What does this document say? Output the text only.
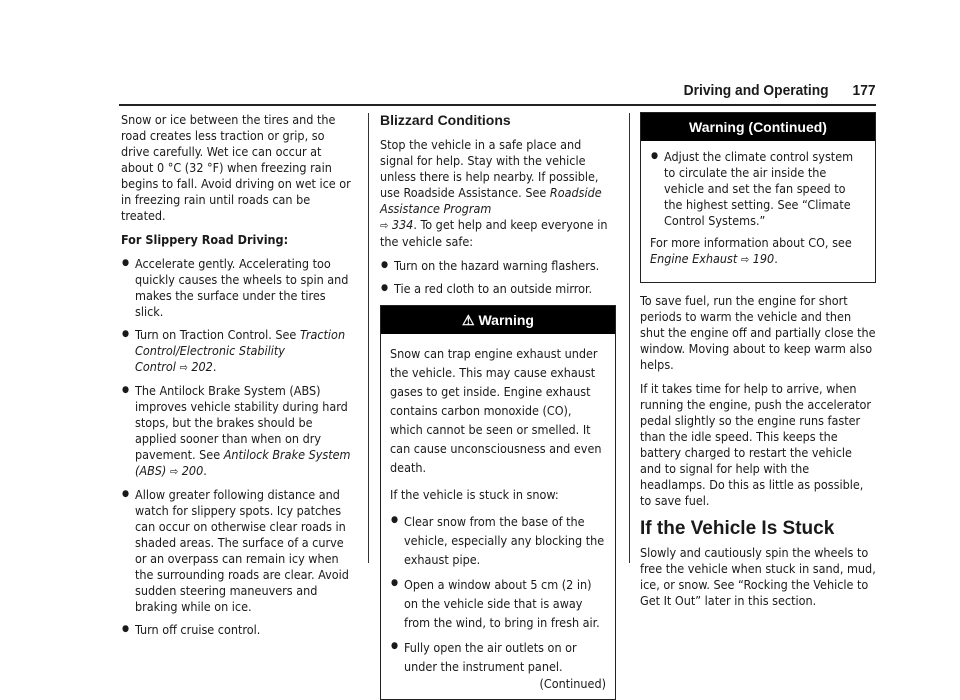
Driving and Operating 177

Snow or ice between the tires and the road creates less traction or grip, so drive carefully. Wet ice can occur at about 0 °C (32 °F) when freezing rain begins to fall. Avoid driving on wet ice or in freezing rain until roads can be treated.

For Slippery Road Driving:

● Accelerate gently. Accelerating too quickly causes the wheels to spin and makes the surface under the tires slick.
● Turn on Traction Control. See Traction Control/Electronic Stability Control ⇨ 202.
● The Antilock Brake System (ABS) improves vehicle stability during hard stops, but the brakes should be applied sooner than when on dry pavement. See Antilock Brake System (ABS) ⇨ 200.
● Allow greater following distance and watch for slippery spots. Icy patches can occur on otherwise clear roads in shaded areas. The surface of a curve or an overpass can remain icy when the surrounding roads are clear. Avoid sudden steering maneuvers and braking while on ice.
● Turn off cruise control.
Blizzard Conditions

Stop the vehicle in a safe place and signal for help. Stay with the vehicle unless there is help nearby. If possible, use Roadside Assistance. See Roadside Assistance Program
⇨ 334. To get help and keep everyone in the vehicle safe:

● Turn on the hazard warning flashers.
● Tie a red cloth to an outside mirror.
⚠ Warning

Snow can trap engine exhaust under the vehicle. This may cause exhaust gases to get inside. Engine exhaust contains carbon monoxide (CO), which cannot be seen or smelled. It can cause unconsciousness and even death.

If the vehicle is stuck in snow:

● Clear snow from the base of the vehicle, especially any blocking the exhaust pipe.
● Open a window about 5 cm (2 in) on the vehicle side that is away from the wind, to bring in fresh air.
● Fully open the air outlets on or under the instrument panel.
(Continued)
Warning (Continued)
● Adjust the climate control system to circulate the air inside the vehicle and set the fan speed to the highest setting. See “Climate Control Systems.”

For more information about CO, see
Engine Exhaust ⇨ 190.

To save fuel, run the engine for short periods to warm the vehicle and then shut the engine off and partially close the window. Moving about to keep warm also helps.

If it takes time for help to arrive, when running the engine, push the accelerator pedal slightly so the engine runs faster than the idle speed. This keeps the battery charged to restart the vehicle and to signal for help with the headlamps. Do this as little as possible, to save fuel.

If the Vehicle Is Stuck

Slowly and cautiously spin the wheels to free the vehicle when stuck in sand, mud, ice, or snow. See “Rocking the Vehicle to Get It Out” later in this section.
